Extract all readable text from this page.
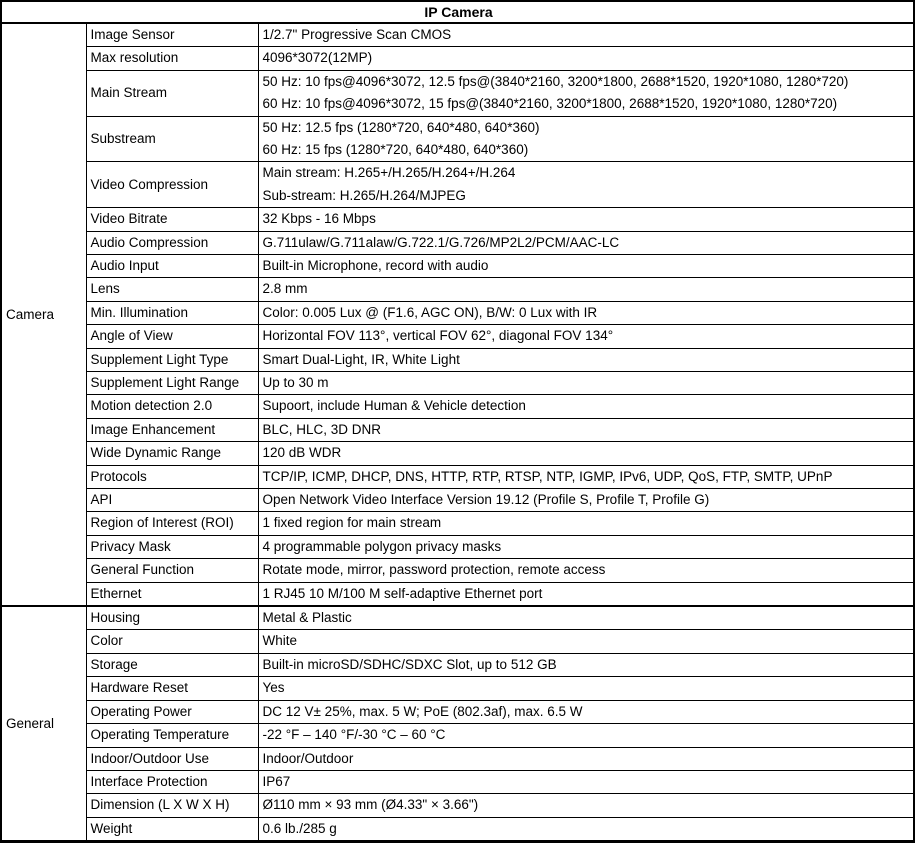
IP Camera		
Camera	Image Sensor	1/2.7" Progressive Scan CMOS

	Max resolution	4096*3072(12MP)

	Main Stream	50 Hz: 10 fps@4096*3072, 12.5 fps@(3840*2160, 3200*1800, 2688*1520, 1920*1080, 1280*720)
60 Hz: 10 fps@4096*3072, 15 fps@(3840*2160, 3200*1800, 2688*1520, 1920*1080, 1280*720)

	Substream	50 Hz: 12.5 fps (1280*720, 640*480, 640*360)
60 Hz: 15 fps (1280*720, 640*480, 640*360)

	Video Compression	Main stream: H.265+/H.265/H.264+/H.264
Sub-stream: H.265/H.264/MJPEG

	Video Bitrate	32 Kbps - 16 Mbps

	Audio Compression	G.711ulaw/G.711alaw/G.722.1/G.726/MP2L2/PCM/AAC-LC

	Audio Input	Built-in Microphone, record with audio

	Lens	2.8 mm

	Min. Illumination	Color: 0.005 Lux @ (F1.6, AGC ON), B/W: 0 Lux with IR

	Angle of View	Horizontal FOV 113°, vertical FOV 62°, diagonal FOV 134°

	Supplement Light Type	Smart Dual-Light, IR, White Light

	Supplement Light Range	Up to 30 m

	Motion detection 2.0	Supoort, include Human & Vehicle detection

	Image Enhancement	BLC, HLC, 3D DNR

	Wide Dynamic Range	120 dB WDR

	Protocols	TCP/IP, ICMP, DHCP, DNS, HTTP, RTP, RTSP, NTP, IGMP, IPv6, UDP, QoS, FTP, SMTP, UPnP

	API	Open Network Video Interface Version 19.12 (Profile S, Profile T, Profile G)

	Region of Interest (ROI)	1 fixed region for main stream

	Privacy Mask	4 programmable polygon privacy masks

	General Function	Rotate mode, mirror, password protection, remote access

	Ethernet	1 RJ45 10 M/100 M self-adaptive Ethernet port

General	Housing	Metal & Plastic

	Color	White

	Storage	Built-in microSD/SDHC/SDXC Slot, up to 512 GB

	Hardware Reset	Yes

	Operating Power	DC 12 V± 25%, max. 5 W; PoE (802.3af), max. 6.5 W

	Operating Temperature	-22 °F – 140 °F/-30 °C – 60 °C

	Indoor/Outdoor Use	Indoor/Outdoor

	Interface Protection	IP67

	Dimension (L X W X H)	Ø110 mm × 93 mm (Ø4.33" × 3.66")

	Weight	0.6 lb./285 g
